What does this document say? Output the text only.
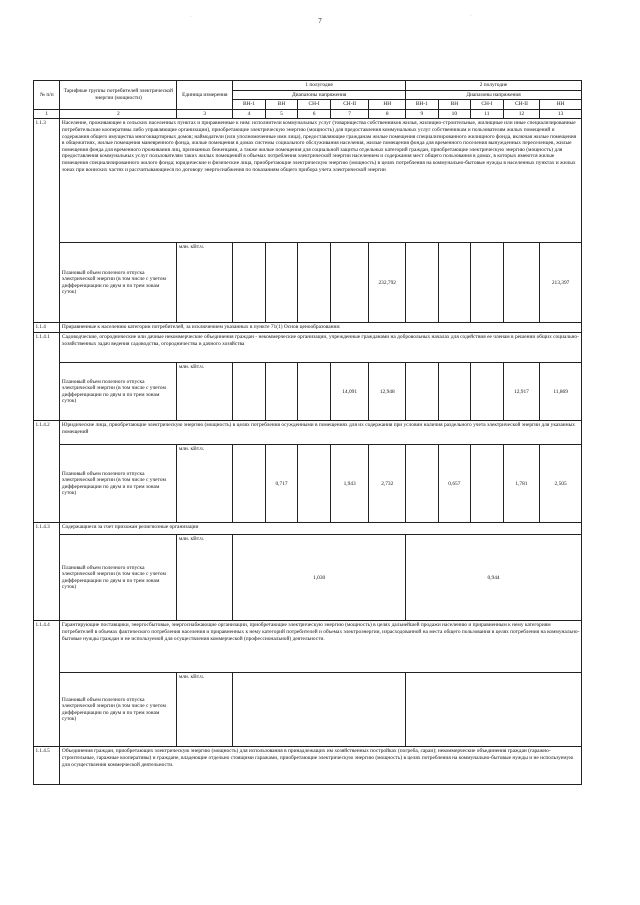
7
·	·
№ п/п	Тарифные группы потребителей электрической энергии (мощности)	Единица измерения	1 полугодие					2 полугодие				
			Диапазоны напряжения					Диапазоны напряжения				
			ВН-1	ВН	СН-I	СН-II	НН	ВН-1	ВН	СН-I	СН-II	НН
1	2	3	4	5	6	7	8	9	10	11	12	13
1.1.3	Население, проживающее в сельских населенных пунктах и приравненные к ним: исполнители коммунальных услуг (товарищества собственников жилья, жилищно-строительные, жилищные или иные специализированные потребительские кооперативы либо управляющие организации), приобретающие электрическую энергию (мощность) для предоставления коммунальных услуг собственникам и пользователям жилых помещений и содержания общего имущества многоквартирных домов; наймодатели (или уполномоченные ими лица), предоставляющие гражданам жилые помещения специализированного жилищного фонда, включая жилые помещения в общежитиях, жилые помещения маневренного фонда, жилые помещения в домах системы социального обслуживания населения, жилые помещения фонда для временного поселения вынужденных переселенцев, жилые помещения фонда для временного проживания лиц, признанных беженцами, а также жилые помещения для социальной защиты отдельных категорий граждан, приобретающие электрическую энергию (мощность) для предоставления коммунальных услуг пользователям таких жилых помещений в объемах потребления электрической энергии населением и содержания мест общего пользования в домах, в которых имеются жилые помещения специализированного жилого фонда; юридические и физические лица, приобретающие электрическую энергию (мощность) в целях потребления на коммунально-бытовые нужды в населенных пунктах и жилых зонах при воинских частях и рассчитывающиеся по договору энергоснабжения по показаниям общего прибора учета электрической энергии											
	Плановый объем полезного отпуска электрической энергии (в том числе с учетом дифференциации по двум и по трем зонам суток)	млн. кВт.ч.					232,792					213,397
1.1.4	Приравненные к населению категории потребителей, за исключением указанных в пункте 71(1) Основ ценообразования:											
1.1.4.1	Садоводческие, огороднические или дачные некоммерческие объединения граждан - некоммерческие организации, учрежденные гражданами на добровольных началах для содействия ее членам в решении общих социально-хозяйственных задач ведения садоводства, огородничества и дачного хозяйства											
	Плановый объем полезного отпуска электрической энергии (в том числе с учетом дифференциации по двум и по трем зонам суток)	млн. кВт.ч.				14,091	12,948				12,917	11,869
1.1.4.2	Юридические лица, приобретающие электрическую энергию (мощность) в целях потребления осужденными в помещениях для их содержания при условии наличия раздельного учета электрической энергии для указанных помещений											
	Плановый объем полезного отпуска электрической энергии (в том числе с учетом дифференциации по двум и по трем зонам суток)	млн. кВт.ч.		0,717		1,943	2,732		0,657		1,781	2,505
1.1.4.3	Содержащиеся за счет прихожан религиозные организации											
	Плановый объем полезного отпуска электрической энергии (в том числе с учетом дифференциации по двум и по трем зонам суток)	млн. кВт.ч.	1,030					0,944				
1.1.4.4	Гарантирующие поставщики, энергосбытовые, энергоснабжающие организации, приобретающие электрическую энергию (мощность) в целях дальнейшей продажи населению и приравненным к нему категориям потребителей в объемах фактического потребления населения и приравненных к нему категорий потребителей и объемах электроэнергии, израсходованной на места общего пользования в целях потребления на коммунально-бытовые нужды граждан и не используемой для осуществления коммерческой (профессиональной) деятельности.											
	Плановый объем полезного отпуска электрической энергии (в том числе с учетом дифференциации по двум и по трем зонам суток)	млн. кВт.ч.										
1.1.4.5	Объединения граждан, приобретающих электрическую энергию (мощность) для использования в принадлежащих им хозяйственных постройках (погреба, сараи); некоммерческие объединения граждан (гаражно-строительные, гаражные кооперативы) и граждане, владеющие отдельно стоящими гаражами, приобретающие электрическую энергию (мощность) в целях потребления на коммунально-бытовые нужды и не используемую для осуществления коммерческой деятельности.											
